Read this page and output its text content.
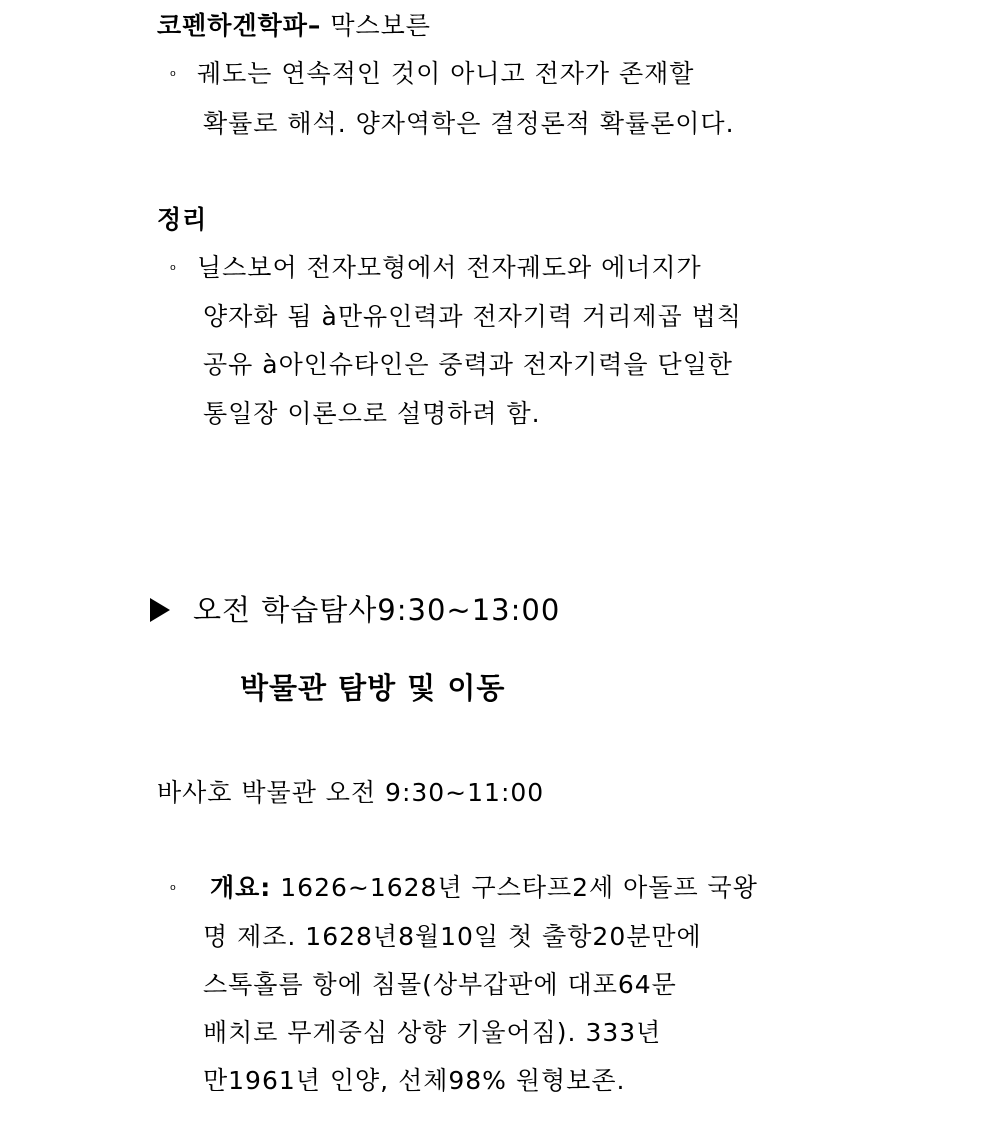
코펜하겐학파– 막스보른
ₒ 궤도는 연속적인 것이 아니고 전자가 존재할
확률로 해석. 양자역학은 결정론적 확률론이다.
정리
ₒ 닐스보어 전자모형에서 전자궤도와 에너지가
양자화 됨 à만유인력과 전자기력 거리제곱 법칙
공유 à아인슈타인은 중력과 전자기력을 단일한
통일장 이론으로 설명하려 함.
오전 학습탐사9:30~13:00
박물관 탐방 및 이동
바사호 박물관 오전 9:30~11:00
ₒ 개요: 1626~1628년 구스타프2세 아돌프 국왕
명 제조. 1628년8월10일 첫 출항20분만에
스톡홀름 항에 침몰(상부갑판에 대포64문
배치로 무게중심 상향 기울어짐). 333년
만1961년 인양, 선체98% 원형보존.
